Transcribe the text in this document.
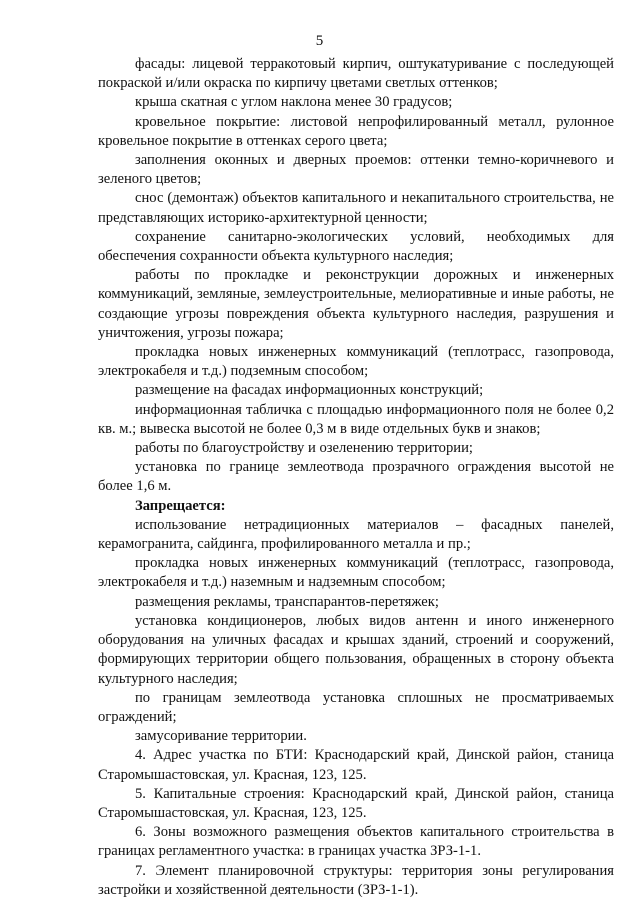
5

фасады: лицевой терракотовый кирпич, оштукатуривание с последующей покраской и/или окраска по кирпичу цветами светлых оттенков;

крыша скатная с углом наклона менее 30 градусов;

кровельное покрытие: листовой непрофилированный металл, рулонное кровельное покрытие в оттенках серого цвета;

заполнения оконных и дверных проемов: оттенки темно-коричневого и зеленого цветов;

снос (демонтаж) объектов капитального и некапитального строительства, не представляющих историко-архитектурной ценности;

сохранение санитарно-экологических условий, необходимых для обеспечения сохранности объекта культурного наследия;

работы по прокладке и реконструкции дорожных и инженерных коммуникаций, земляные, землеустроительные, мелиоративные и иные работы, не создающие угрозы повреждения объекта культурного наследия, разрушения и уничтожения, угрозы пожара;

прокладка новых инженерных коммуникаций (теплотрасс, газопровода, электрокабеля и т.д.) подземным способом;

размещение на фасадах информационных конструкций;

информационная табличка с площадью информационного поля не более 0,2 кв. м.; вывеска высотой не более 0,3 м в виде отдельных букв и знаков;

работы по благоустройству и озеленению территории;

установка по границе землеотвода прозрачного ограждения высотой не более 1,6 м.

Запрещается:

использование нетрадиционных материалов – фасадных панелей, керамогранита, сайдинга, профилированного металла и пр.;

прокладка новых инженерных коммуникаций (теплотрасс, газопровода, электрокабеля и т.д.) наземным и надземным способом;

размещения рекламы, транспарантов-перетяжек;

установка кондиционеров, любых видов антенн и иного инженерного оборудования на уличных фасадах и крышах зданий, строений и сооружений, формирующих территории общего пользования, обращенных в сторону объекта культурного наследия;

по границам землеотвода установка сплошных не просматриваемых ограждений;

замусоривание территории.

4. Адрес участка по БТИ: Краснодарский край, Динской район, станица Старомышастовская, ул. Красная, 123, 125.

5. Капитальные строения: Краснодарский край, Динской район, станица Старомышастовская, ул. Красная, 123, 125.

6. Зоны возможного размещения объектов капитального строительства в границах регламентного участка: в границах участка ЗРЗ-1-1.

7. Элемент планировочной структуры: территория зоны регулирования застройки и хозяйственной деятельности (ЗРЗ-1-1).
